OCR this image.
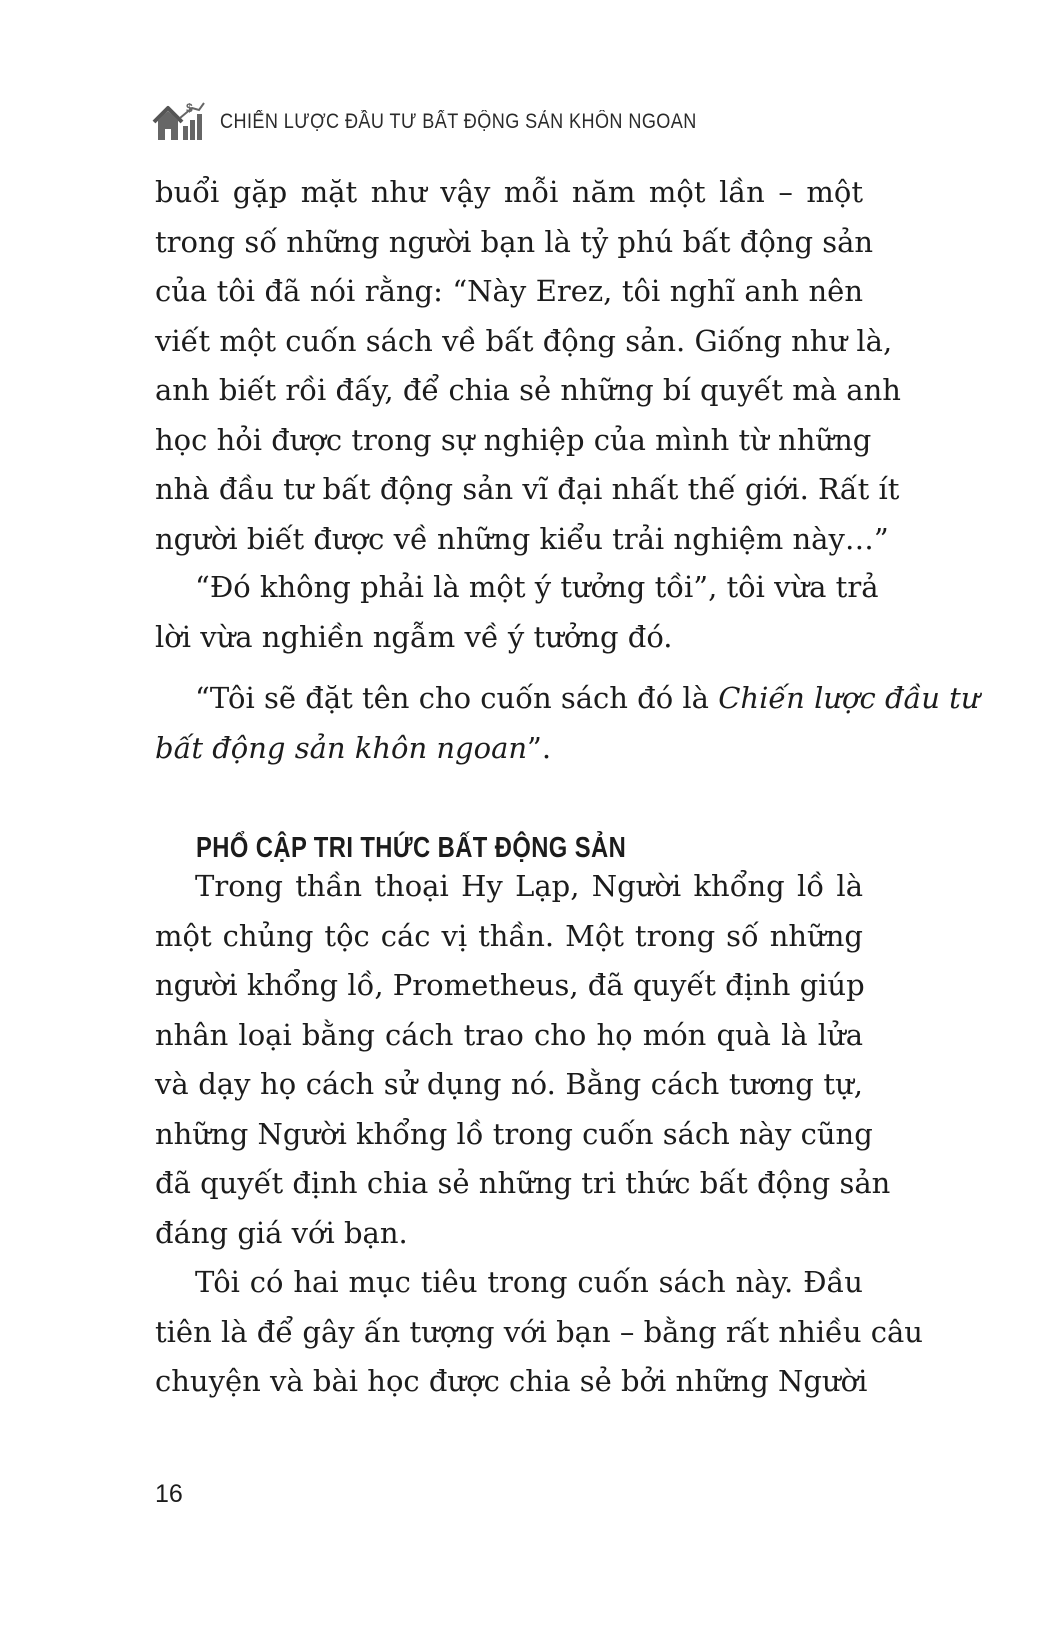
$
CHIẾN LƯỢC ĐẦU TƯ BẤT ĐỘNG SẢN KHÔN NGOAN
buổi gặp mặt như vậy mỗi năm một lần – một
trong số những người bạn là tỷ phú bất động sản
của tôi đã nói rằng: “Này Erez, tôi nghĩ anh nên
viết một cuốn sách về bất động sản. Giống như là,
anh biết rồi đấy, để chia sẻ những bí quyết mà anh
học hỏi được trong sự nghiệp của mình từ những
nhà đầu tư bất động sản vĩ đại nhất thế giới. Rất ít
người biết được về những kiểu trải nghiệm này…”
“Đó không phải là một ý tưởng tồi”, tôi vừa trả
lời vừa nghiền ngẫm về ý tưởng đó.
“Tôi sẽ đặt tên cho cuốn sách đó là Chiến lược đầu tư
bất động sản khôn ngoan”.
PHỔ CẬP TRI THỨC BẤT ĐỘNG SẢN
Trong thần thoại Hy Lạp, Người khổng lồ là
một chủng tộc các vị thần. Một trong số những
người khổng lồ, Prometheus, đã quyết định giúp
nhân loại bằng cách trao cho họ món quà là lửa
và dạy họ cách sử dụng nó. Bằng cách tương tự,
những Người khổng lồ trong cuốn sách này cũng
đã quyết định chia sẻ những tri thức bất động sản
đáng giá với bạn.
Tôi có hai mục tiêu trong cuốn sách này. Đầu
tiên là để gây ấn tượng với bạn – bằng rất nhiều câu
chuyện và bài học được chia sẻ bởi những Người
16
